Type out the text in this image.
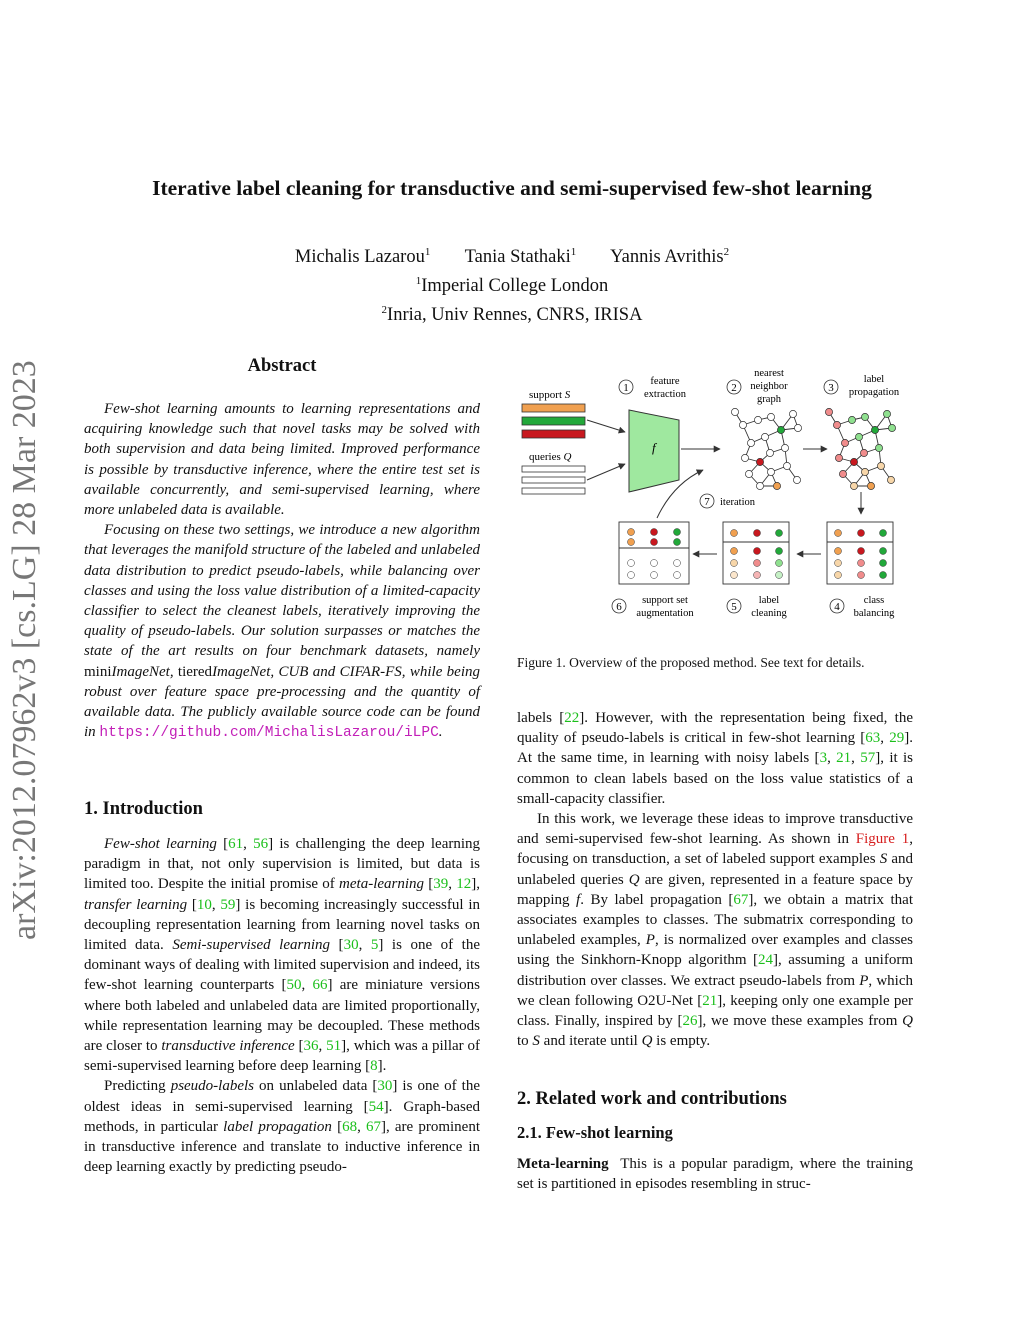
Iterative label cleaning for transductive and semi-supervised few-shot learning
Michalis Lazarou$^1$ Tania Stathaki$^1$ Yannis Avrithis$^2$
$^1$Imperial College London
$^2$Inria, Univ Rennes, CNRS, IRISA
arXiv:2012.07962v3 [cs.LG] 28 Mar 2023	Abstract

Few-shot learning amounts to learning representations and acquiring knowledge such that novel tasks may be solved with both supervision and data being limited. Improved performance is possible by transductive inference, where the entire test set is available concurrently, and semi-supervised learning, where more unlabeled data is available.

Focusing on these two settings, we introduce a new algorithm that leverages the manifold structure of the labeled and unlabeled data distribution to predict pseudo-labels, while balancing over classes and using the loss value distribution of a limited-capacity classifier to select the cleanest labels, iteratively improving the quality of pseudo-labels. Our solution surpasses or matches the state of the art results on four benchmark datasets, namely miniImageNet, tieredImageNet, CUB and CIFAR-FS, while being robust over feature space pre-processing and the quantity of available data. The publicly available source code can be found in https://github.com/MichalisLazarou/iLPC.

1. Introduction

Few-shot learning [61, 56] is challenging the deep learning paradigm in that, not only supervision is limited, but data is limited too. Despite the initial promise of meta-learning [39, 12], transfer learning [10, 59] is becoming increasingly successful in decoupling representation learning from learning novel tasks on limited data. Semi-supervised learning [30, 5] is one of the dominant ways of dealing with limited supervision and indeed, its few-shot learning counterparts [50, 66] are miniature versions where both labeled and unlabeled data are limited proportionally, while representation learning may be decoupled. These methods are closer to transductive inference [36, 51], which was a pillar of semi-supervised learning before deep learning [8].

Predicting pseudo-labels on unlabeled data [30] is one of the oldest ideas in semi-supervised learning [54]. Graph-based methods, in particular label propagation [68, 67], are prominent in transductive inference and translate to inductive inference in deep learning exactly by predicting pseudo-

support S
queries Q
f
1
feature
extraction
2
nearest
neighbor
graph
3
label
propagation
4
class
balancing
5
label
cleaning
6
support set
augmentation
7 iteration
Figure 1. Overview of the proposed method. See text for details.

labels [22]. However, with the representation being fixed, the quality of pseudo-labels is critical in few-shot learning [63, 29]. At the same time, in learning with noisy labels [3, 21, 57], it is common to clean labels based on the loss value statistics of a small-capacity classifier.

In this work, we leverage these ideas to improve transductive and semi-supervised few-shot learning. As shown in Figure 1, focusing on transduction, a set of labeled support examples S and unlabeled queries Q are given, represented in a feature space by mapping f. By label propagation [67], we obtain a matrix that associates examples to classes. The submatrix corresponding to unlabeled examples, P, is normalized over examples and classes using the Sinkhorn-Knopp algorithm [24], assuming a uniform distribution over classes. We extract pseudo-labels from P, which we clean following O2U-Net [21], keeping only one example per class. Finally, inspired by [26], we move these examples from Q to S and iterate until Q is empty.

2. Related work and contributions
2.1. Few-shot learning

Meta-learning  This is a popular paradigm, where the training set is partitioned in episodes resembling in struc-
